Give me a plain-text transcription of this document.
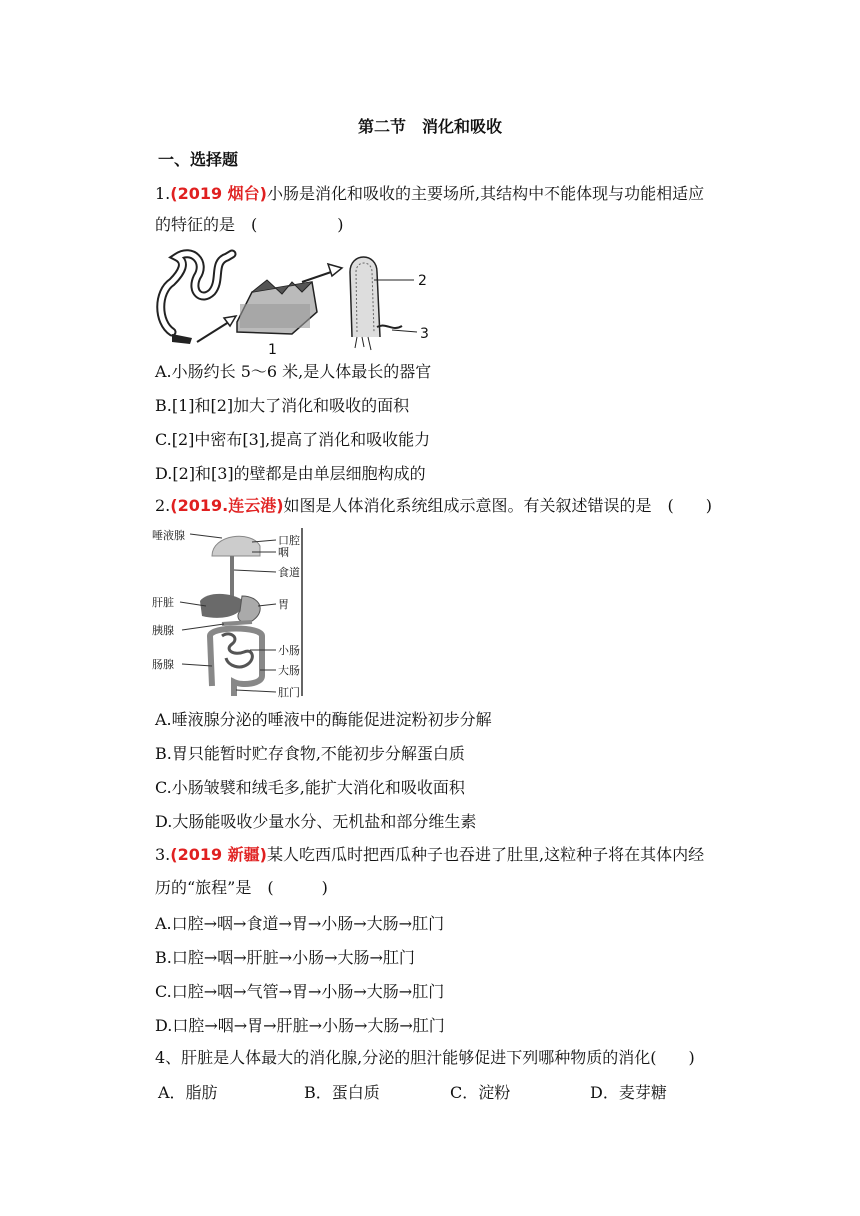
第二节　消化和吸收
一、选择题
1.(2019 烟台)小肠是消化和吸收的主要场所,其结构中不能体现与功能相适应
的特征的是　(　　　　　)
1
2
3
A.小肠约长 5～6 米,是人体最长的器官
B.[1]和[2]加大了消化和吸收的面积
C.[2]中密布[3],提高了消化和吸收能力
D.[2]和[3]的壁都是由单层细胞构成的
2.(2019.连云港)如图是人体消化系统组成示意图。有关叙述错误的是　(　　)
唾液腺	口腔
咽
食道
肝脏	胃
胰腺
肠腺
小肠
大肠
肛门
A.唾液腺分泌的唾液中的酶能促进淀粉初步分解
B.胃只能暂时贮存食物,不能初步分解蛋白质
C.小肠皱襞和绒毛多,能扩大消化和吸收面积
D.大肠能吸收少量水分、无机盐和部分维生素
3.(2019 新疆)某人吃西瓜时把西瓜种子也吞进了肚里,这粒种子将在其体内经
历的“旅程”是　(　　　)
A.口腔→咽→食道→胃→小肠→大肠→肛门
B.口腔→咽→肝脏→小肠→大肠→肛门
C.口腔→咽→气管→胃→小肠→大肠→肛门
D.口腔→咽→胃→肝脏→小肠→大肠→肛门
4、肝脏是人体最大的消化腺,分泌的胆汁能够促进下列哪种物质的消化(　　)
A．脂肪	B．蛋白质	C．淀粉	D．麦芽糖
